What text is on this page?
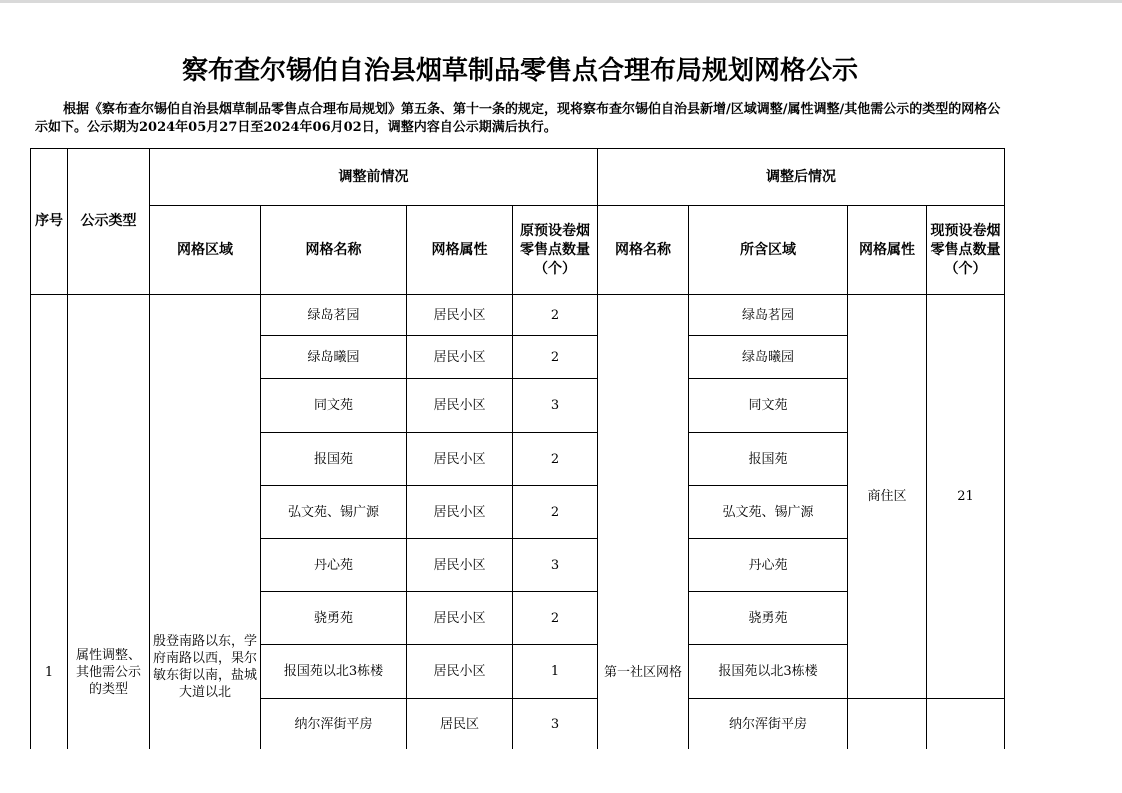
察布查尔锡伯自治县烟草制品零售点合理布局规划网格公示
根据《察布查尔锡伯自治县烟草制品零售点合理布局规划》第五条、第十一条的规定，现将察布查尔锡伯自治县新增/区域调整/属性调整/其他需公示的类型的网格公示如下。公示期为2024年05月27日至2024年06月02日，调整内容自公示期满后执行。
序号	公示类型	调整前情况				调整后情况			
		网格区域	网格名称	网格属性	原预设卷烟零售点数量（个）	网格名称	所含区域	网格属性	现预设卷烟零售点数量（个）
1	属性调整、其他需公示的类型	殷登南路以东，学府南路以西，果尔敏东街以南，盐城大道以北	绿岛茗园	居民小区	2	第一社区网格	绿岛茗园	商住区	21
			绿岛曦园	居民小区	2		绿岛曦园		
			同文苑	居民小区	3		同文苑		
			报国苑	居民小区	2		报国苑		
			弘文苑、锡广源	居民小区	2		弘文苑、锡广源		
			丹心苑	居民小区	3		丹心苑		
			骁勇苑	居民小区	2		骁勇苑		
			报国苑以北3栋楼	居民小区	1		报国苑以北3栋楼		
			纳尔浑街平房	居民区	3		纳尔浑街平房		
